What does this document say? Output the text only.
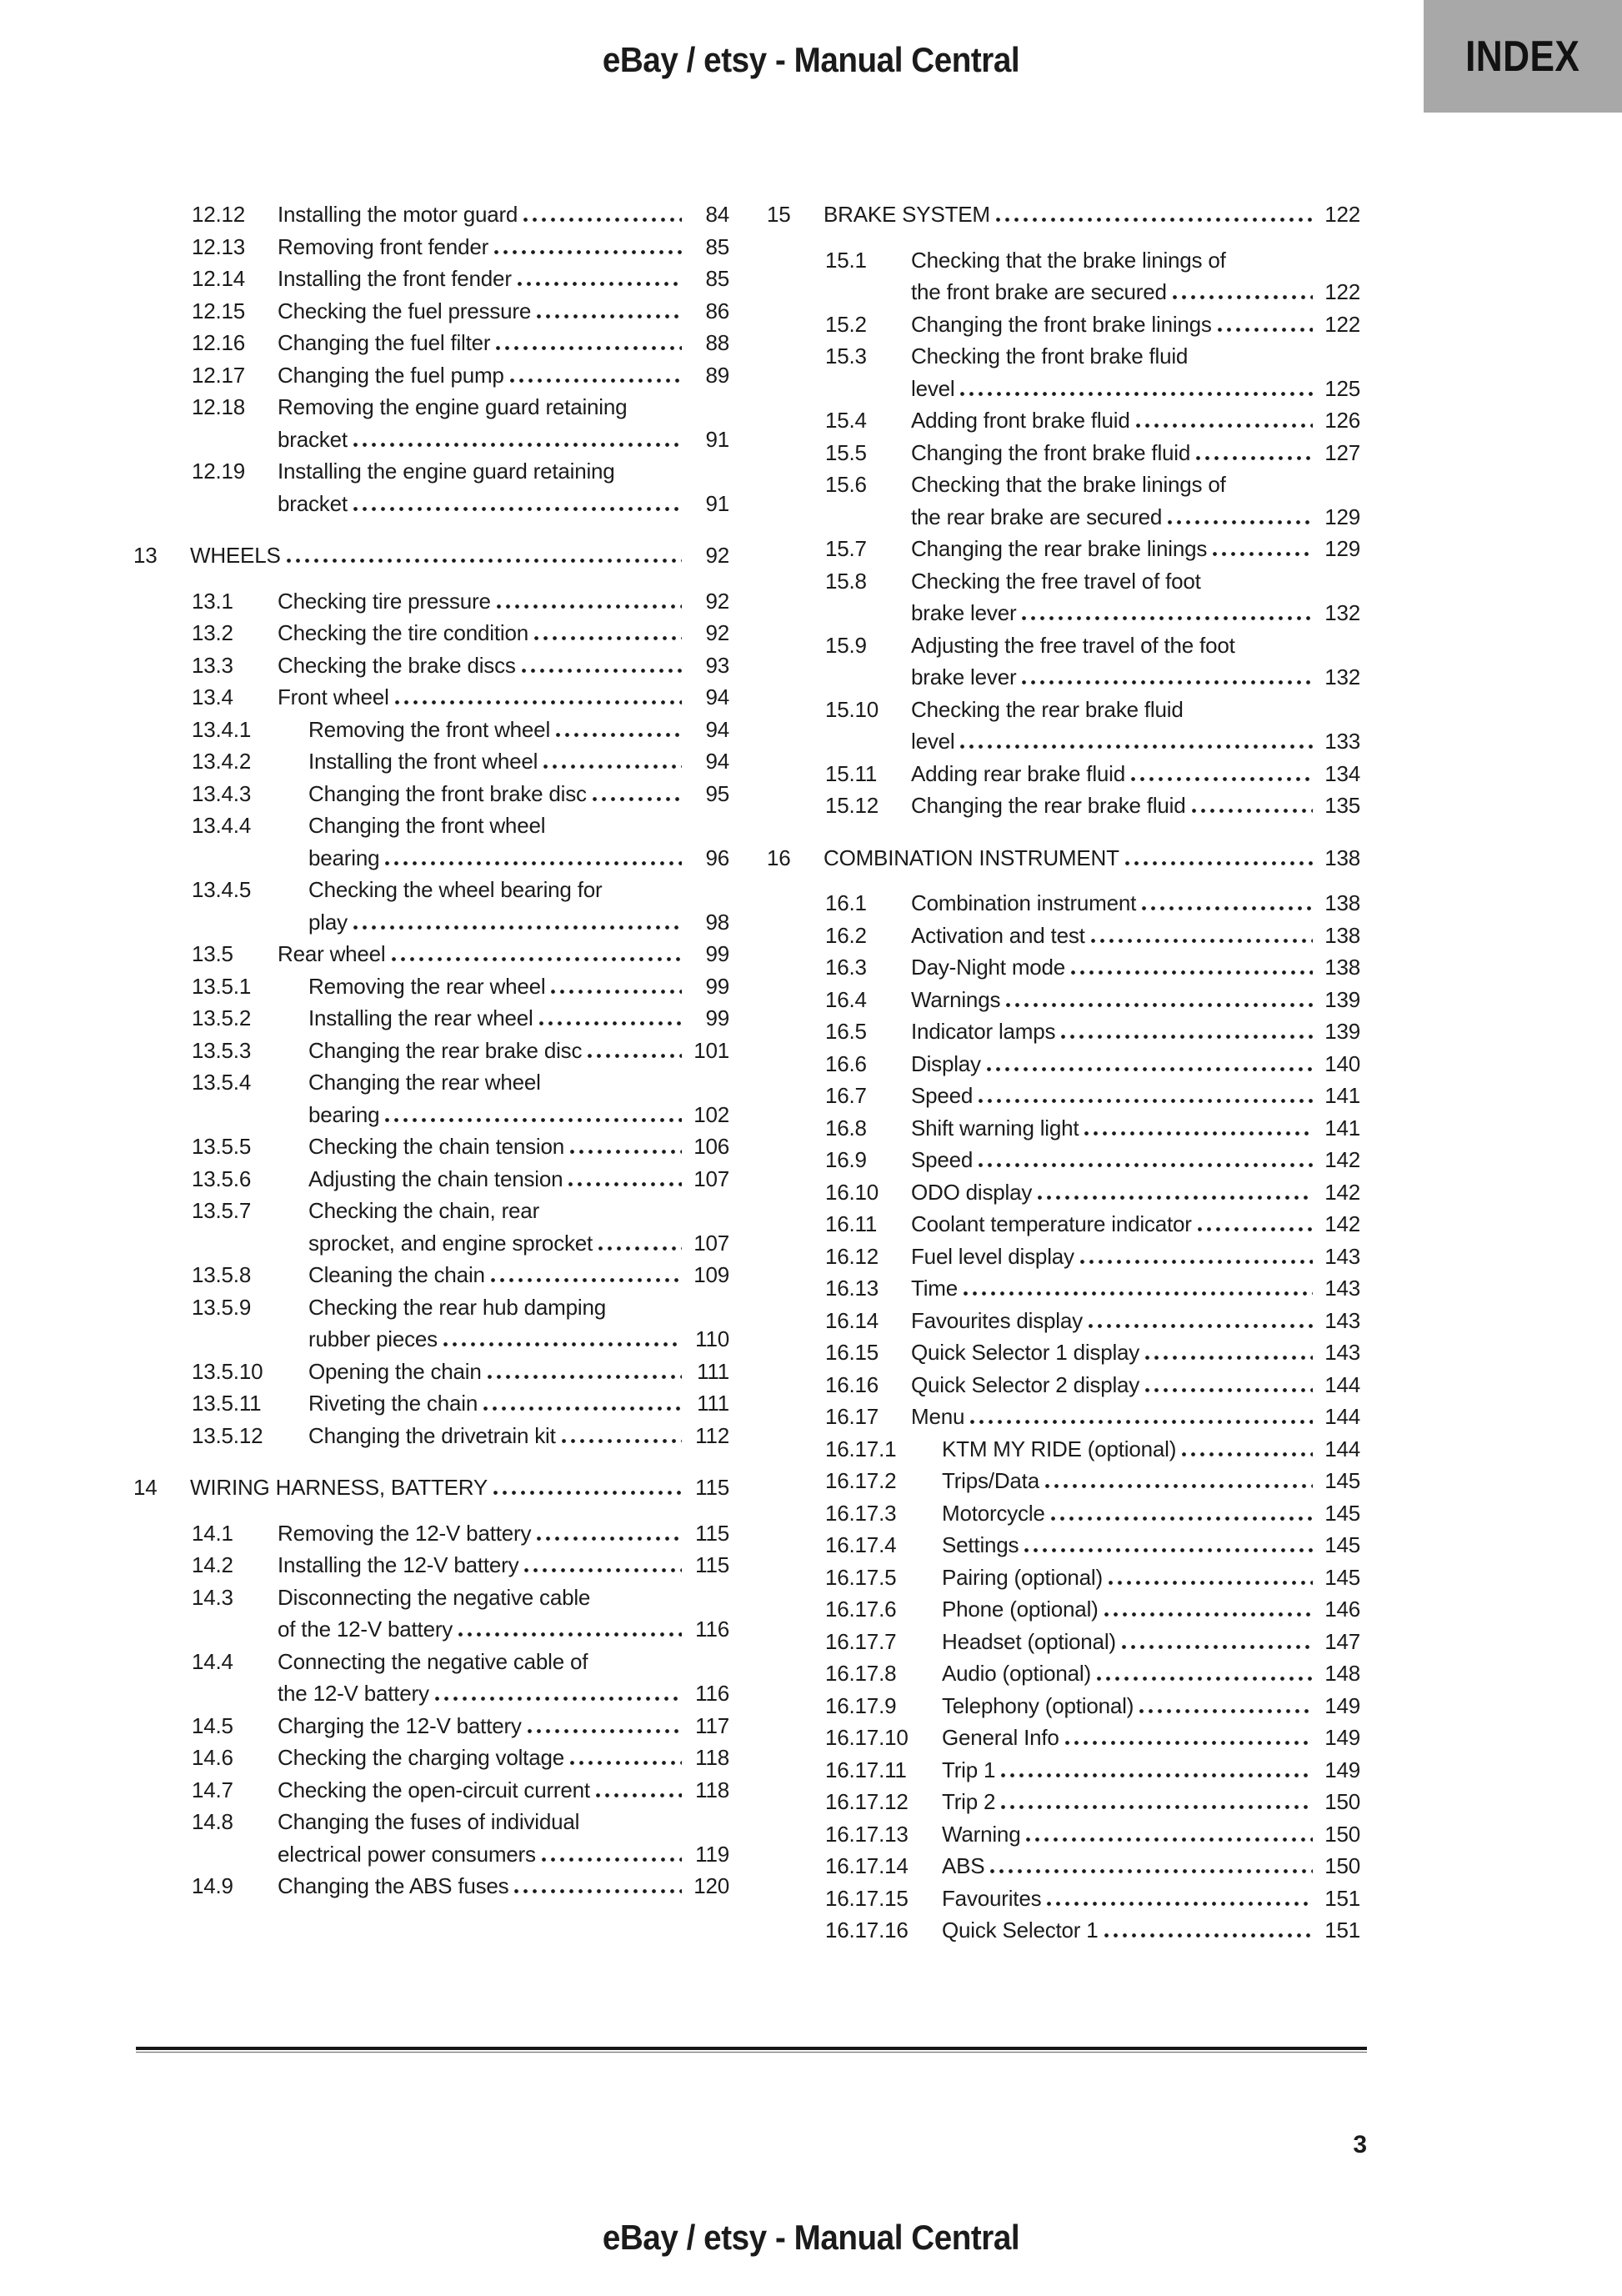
eBay / etsy - Manual Central	INDEX
12.12	Installing the motor guard	84
12.13	Removing front fender	85
12.14	Installing the front fender	85
12.15	Checking the fuel pressure	86
12.16	Changing the fuel filter	88
12.17	Changing the fuel pump	89
12.18	Removing the engine guard retaining
bracket	91
12.19	Installing the engine guard retaining
bracket	91
13	WHEELS	92
13.1	Checking tire pressure	92
13.2	Checking the tire condition	92
13.3	Checking the brake discs	93
13.4	Front wheel	94
13.4.1	Removing the front wheel	94
13.4.2	Installing the front wheel	94
13.4.3	Changing the front brake disc	95
13.4.4	Changing the front wheel
bearing	96
13.4.5	Checking the wheel bearing for
play	98
13.5	Rear wheel	99
13.5.1	Removing the rear wheel	99
13.5.2	Installing the rear wheel	99
13.5.3	Changing the rear brake disc	101
13.5.4	Changing the rear wheel
bearing	102
13.5.5	Checking the chain tension	106
13.5.6	Adjusting the chain tension	107
13.5.7	Checking the chain, rear
sprocket, and engine sprocket	107
13.5.8	Cleaning the chain	109
13.5.9	Checking the rear hub damping
rubber pieces	110
13.5.10	Opening the chain	111
13.5.11	Riveting the chain	111
13.5.12	Changing the drivetrain kit	112
14	WIRING HARNESS, BATTERY	115
14.1	Removing the 12-V battery	115
14.2	Installing the 12-V battery	115
14.3	Disconnecting the negative cable
of the 12-V battery	116
14.4	Connecting the negative cable of
the 12-V battery	116
14.5	Charging the 12-V battery	117
14.6	Checking the charging voltage	118
14.7	Checking the open-circuit current	118
14.8	Changing the fuses of individual
electrical power consumers	119
14.9	Changing the ABS fuses	120
15	BRAKE SYSTEM	122
15.1	Checking that the brake linings of
the front brake are secured	122
15.2	Changing the front brake linings	122
15.3	Checking the front brake fluid
level	125
15.4	Adding front brake fluid	126
15.5	Changing the front brake fluid	127
15.6	Checking that the brake linings of
the rear brake are secured	129
15.7	Changing the rear brake linings	129
15.8	Checking the free travel of foot
brake lever	132
15.9	Adjusting the free travel of the foot
brake lever	132
15.10	Checking the rear brake fluid
level	133
15.11	Adding rear brake fluid	134
15.12	Changing the rear brake fluid	135
16	COMBINATION INSTRUMENT	138
16.1	Combination instrument	138
16.2	Activation and test	138
16.3	Day-Night mode	138
16.4	Warnings	139
16.5	Indicator lamps	139
16.6	Display	140
16.7	Speed	141
16.8	Shift warning light	141
16.9	Speed	142
16.10	ODO display	142
16.11	Coolant temperature indicator	142
16.12	Fuel level display	143
16.13	Time	143
16.14	Favourites display	143
16.15	Quick Selector 1 display	143
16.16	Quick Selector 2 display	144
16.17	Menu	144
16.17.1	KTM MY RIDE (optional)	144
16.17.2	Trips/Data	145
16.17.3	Motorcycle	145
16.17.4	Settings	145
16.17.5	Pairing (optional)	145
16.17.6	Phone (optional)	146
16.17.7	Headset (optional)	147
16.17.8	Audio (optional)	148
16.17.9	Telephony (optional)	149
16.17.10	General Info	149
16.17.11	Trip 1	149
16.17.12	Trip 2	150
16.17.13	Warning	150
16.17.14	ABS	150
16.17.15	Favourites	151
16.17.16	Quick Selector 1	151
3
eBay / etsy - Manual Central
